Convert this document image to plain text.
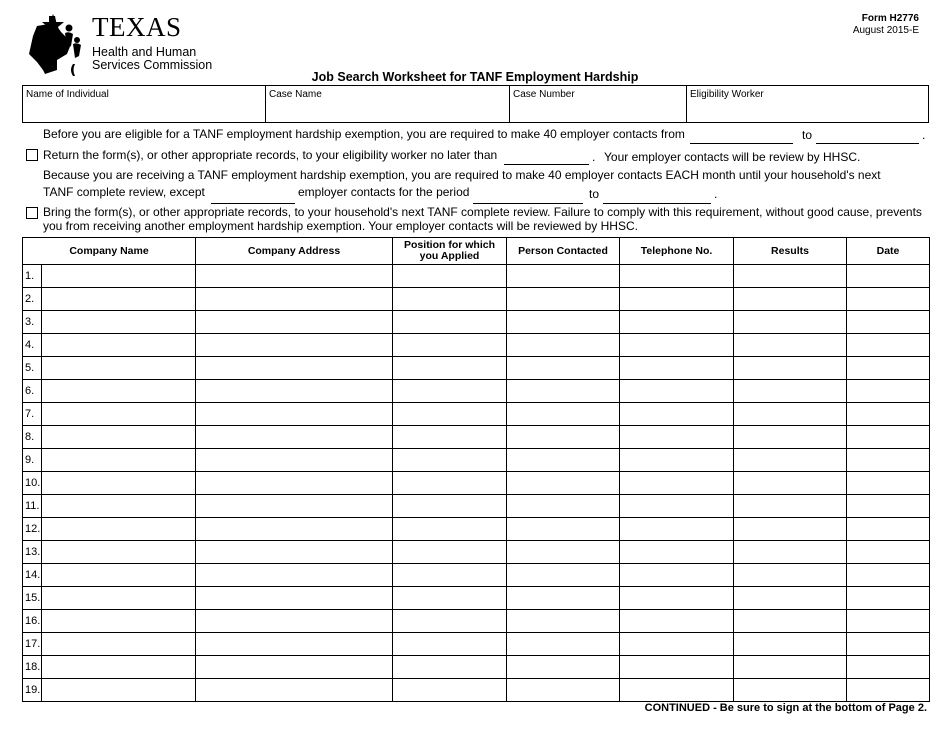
TEXAS
Health and Human
Services Commission
Form H2776
August 2015-E
Job Search Worksheet for TANF Employment Hardship
Name of Individual	Case Name	Case Number	Eligibility Worker
Before you are eligible for a TANF employment hardship exemption, you are required to make 40 employer contacts from	to	.
Return the form(s), or other appropriate records, to your eligibility worker no later than	. Your employer contacts will be review by HHSC.
Because you are receiving a TANF employment hardship exemption, you are required to make 40 employer contacts EACH month until your household's next
TANF complete review, except	employer contacts for the period	to	.
Bring the form(s), or other appropriate records, to your household's next TANF complete review. Failure to comply with this requirement, without good cause, prevents
you from receiving another employment hardship exemption. Your employer contacts will be reviewed by HHSC.
Company Name		Company Address	Position for which you Applied	Person Contacted	Telephone No.	Results	Date
1.							
2.							
3.							
4.							
5.							
6.							
7.							
8.							
9.							
10.							
11.							
12.							
13.							
14.							
15.							
16.							
17.							
18.							
19.							
CONTINUED - Be sure to sign at the bottom of Page 2.
